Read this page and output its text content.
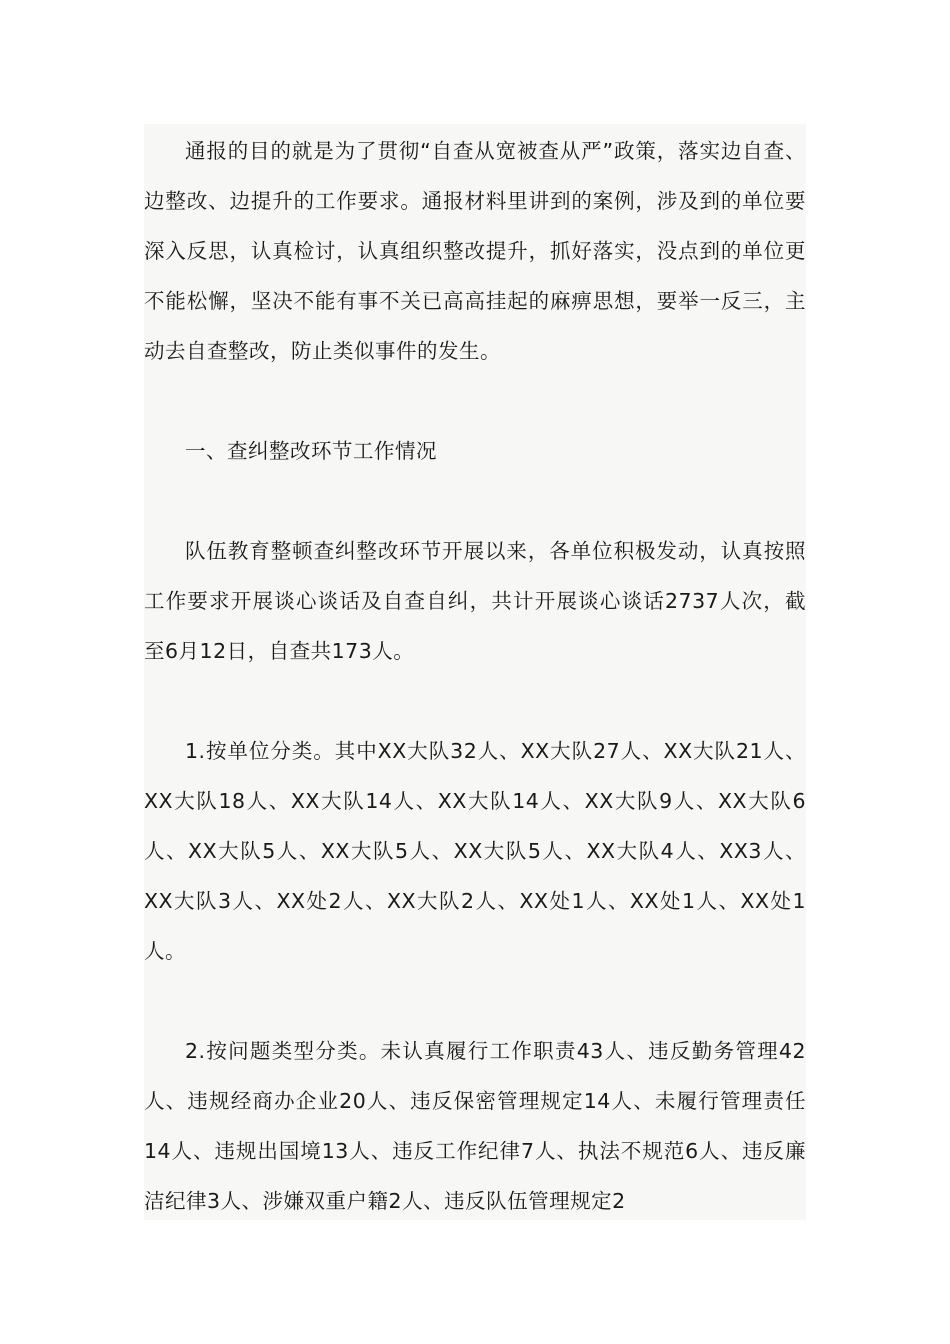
通报的目的就是为了贯彻“自查从宽被查从严”政策，落实边自查、边整改、边提升的工作要求。通报材料里讲到的案例，涉及到的单位要深入反思，认真检讨，认真组织整改提升，抓好落实，没点到的单位更不能松懈，坚决不能有事不关已高高挂起的麻痹思想，要举一反三，主动去自查整改，防止类似事件的发生。

一、查纠整改环节工作情况

队伍教育整顿查纠整改环节开展以来，各单位积极发动，认真按照工作要求开展谈心谈话及自查自纠，共计开展谈心谈话2737人次，截至6月12日，自查共173人。

1.按单位分类。其中XX大队32人、XX大队27人、XX大队21人、XX大队18人、XX大队14人、XX大队14人、XX大队9人、XX大队6人、XX大队5人、XX大队5人、XX大队5人、XX大队4人、XX3人、XX大队3人、XX处2人、XX大队2人、XX处1人、XX处1人、XX处1人。

2.按问题类型分类。未认真履行工作职责43人、违反勤务管理42人、违规经商办企业20人、违反保密管理规定14人、未履行管理责任14人、违规出国境13人、违反工作纪律7人、执法不规范6人、违反廉洁纪律3人、涉嫌双重户籍2人、违反队伍管理规定2
